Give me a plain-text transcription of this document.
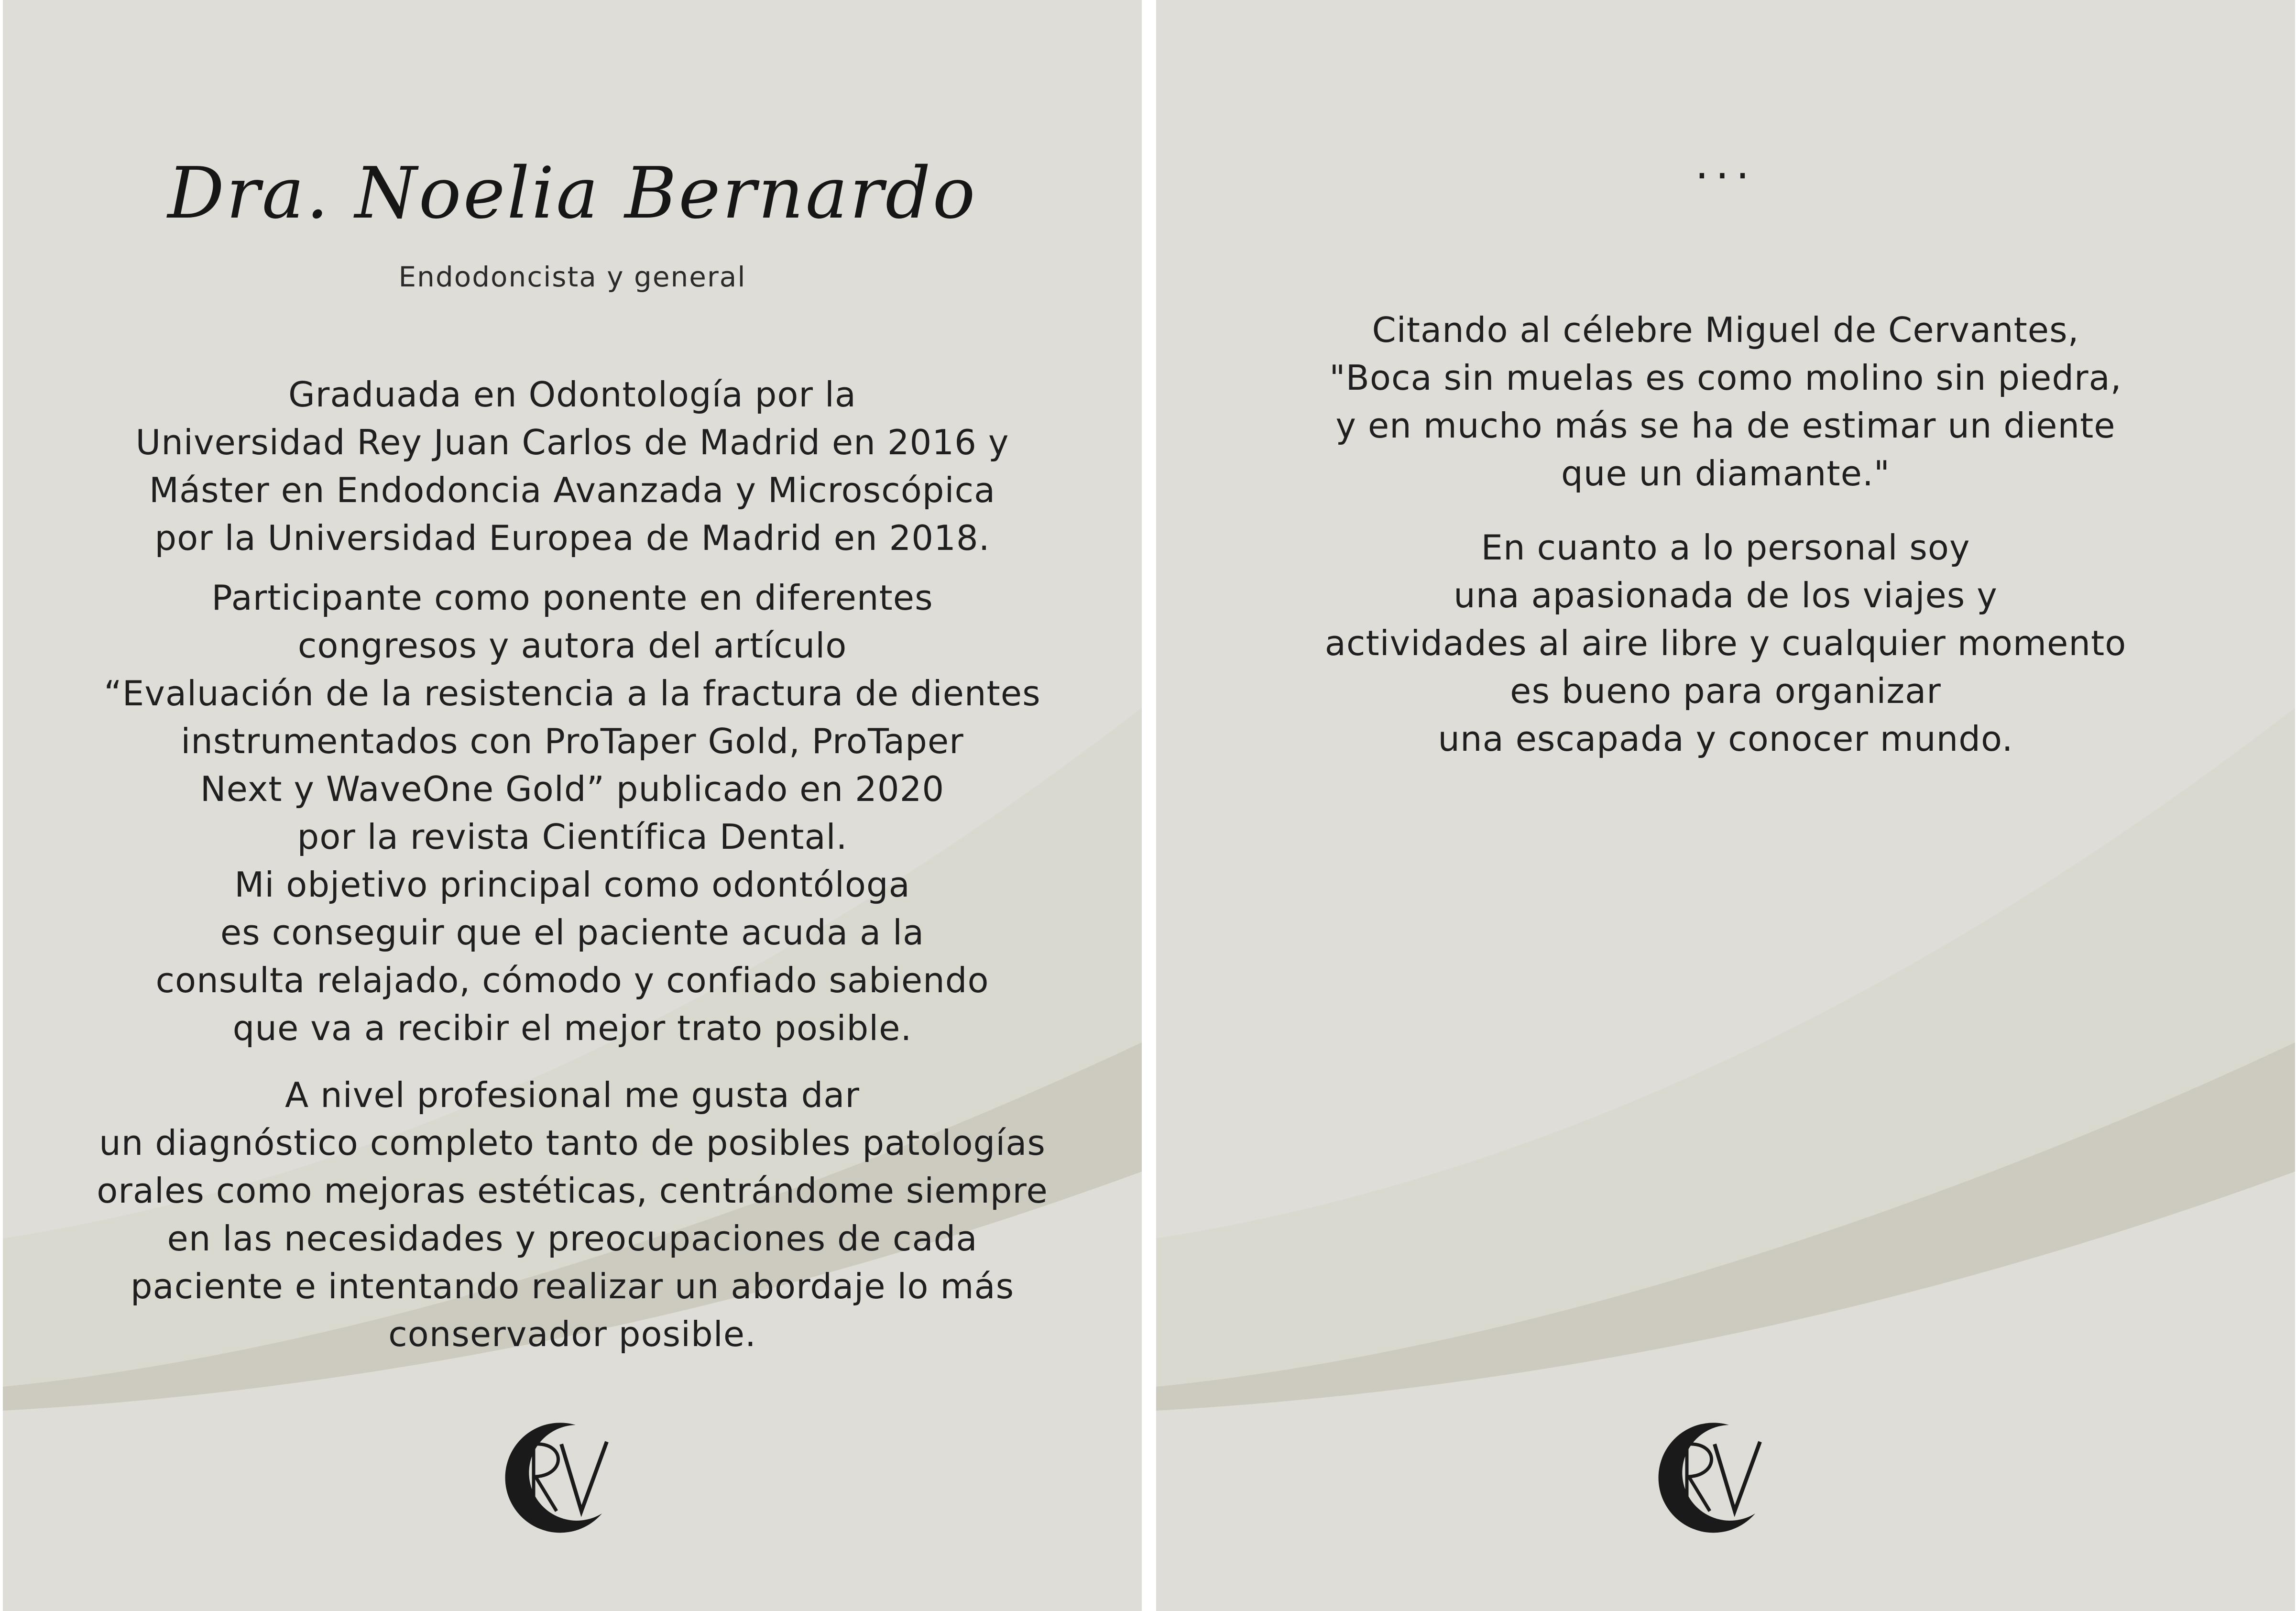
Dra. Noelia Bernardo
Endodoncista y general
Graduada en Odontología por la
Universidad Rey Juan Carlos de Madrid en 2016 y
Máster en Endodoncia Avanzada y Microscópica
por la Universidad Europea de Madrid en 2018.
Participante como ponente en diferentes
congresos y autora del artículo
“Evaluación de la resistencia a la fractura de dientes
instrumentados con ProTaper Gold, ProTaper
Next y WaveOne Gold” publicado en 2020
por la revista Científica Dental.
Mi objetivo principal como odontóloga
es conseguir que el paciente acuda a la
consulta relajado, cómodo y confiado sabiendo
que va a recibir el mejor trato posible.
A nivel profesional me gusta dar
un diagnóstico completo tanto de posibles patologías
orales como mejoras estéticas, centrándome siempre
en las necesidades y preocupaciones de cada
paciente e intentando realizar un abordaje lo más
conservador posible.
...
Citando al célebre Miguel de Cervantes,
"Boca sin muelas es como molino sin piedra,
y en mucho más se ha de estimar un diente
que un diamante."
En cuanto a lo personal soy
una apasionada de los viajes y
actividades al aire libre y cualquier momento
es bueno para organizar
una escapada y conocer mundo.
